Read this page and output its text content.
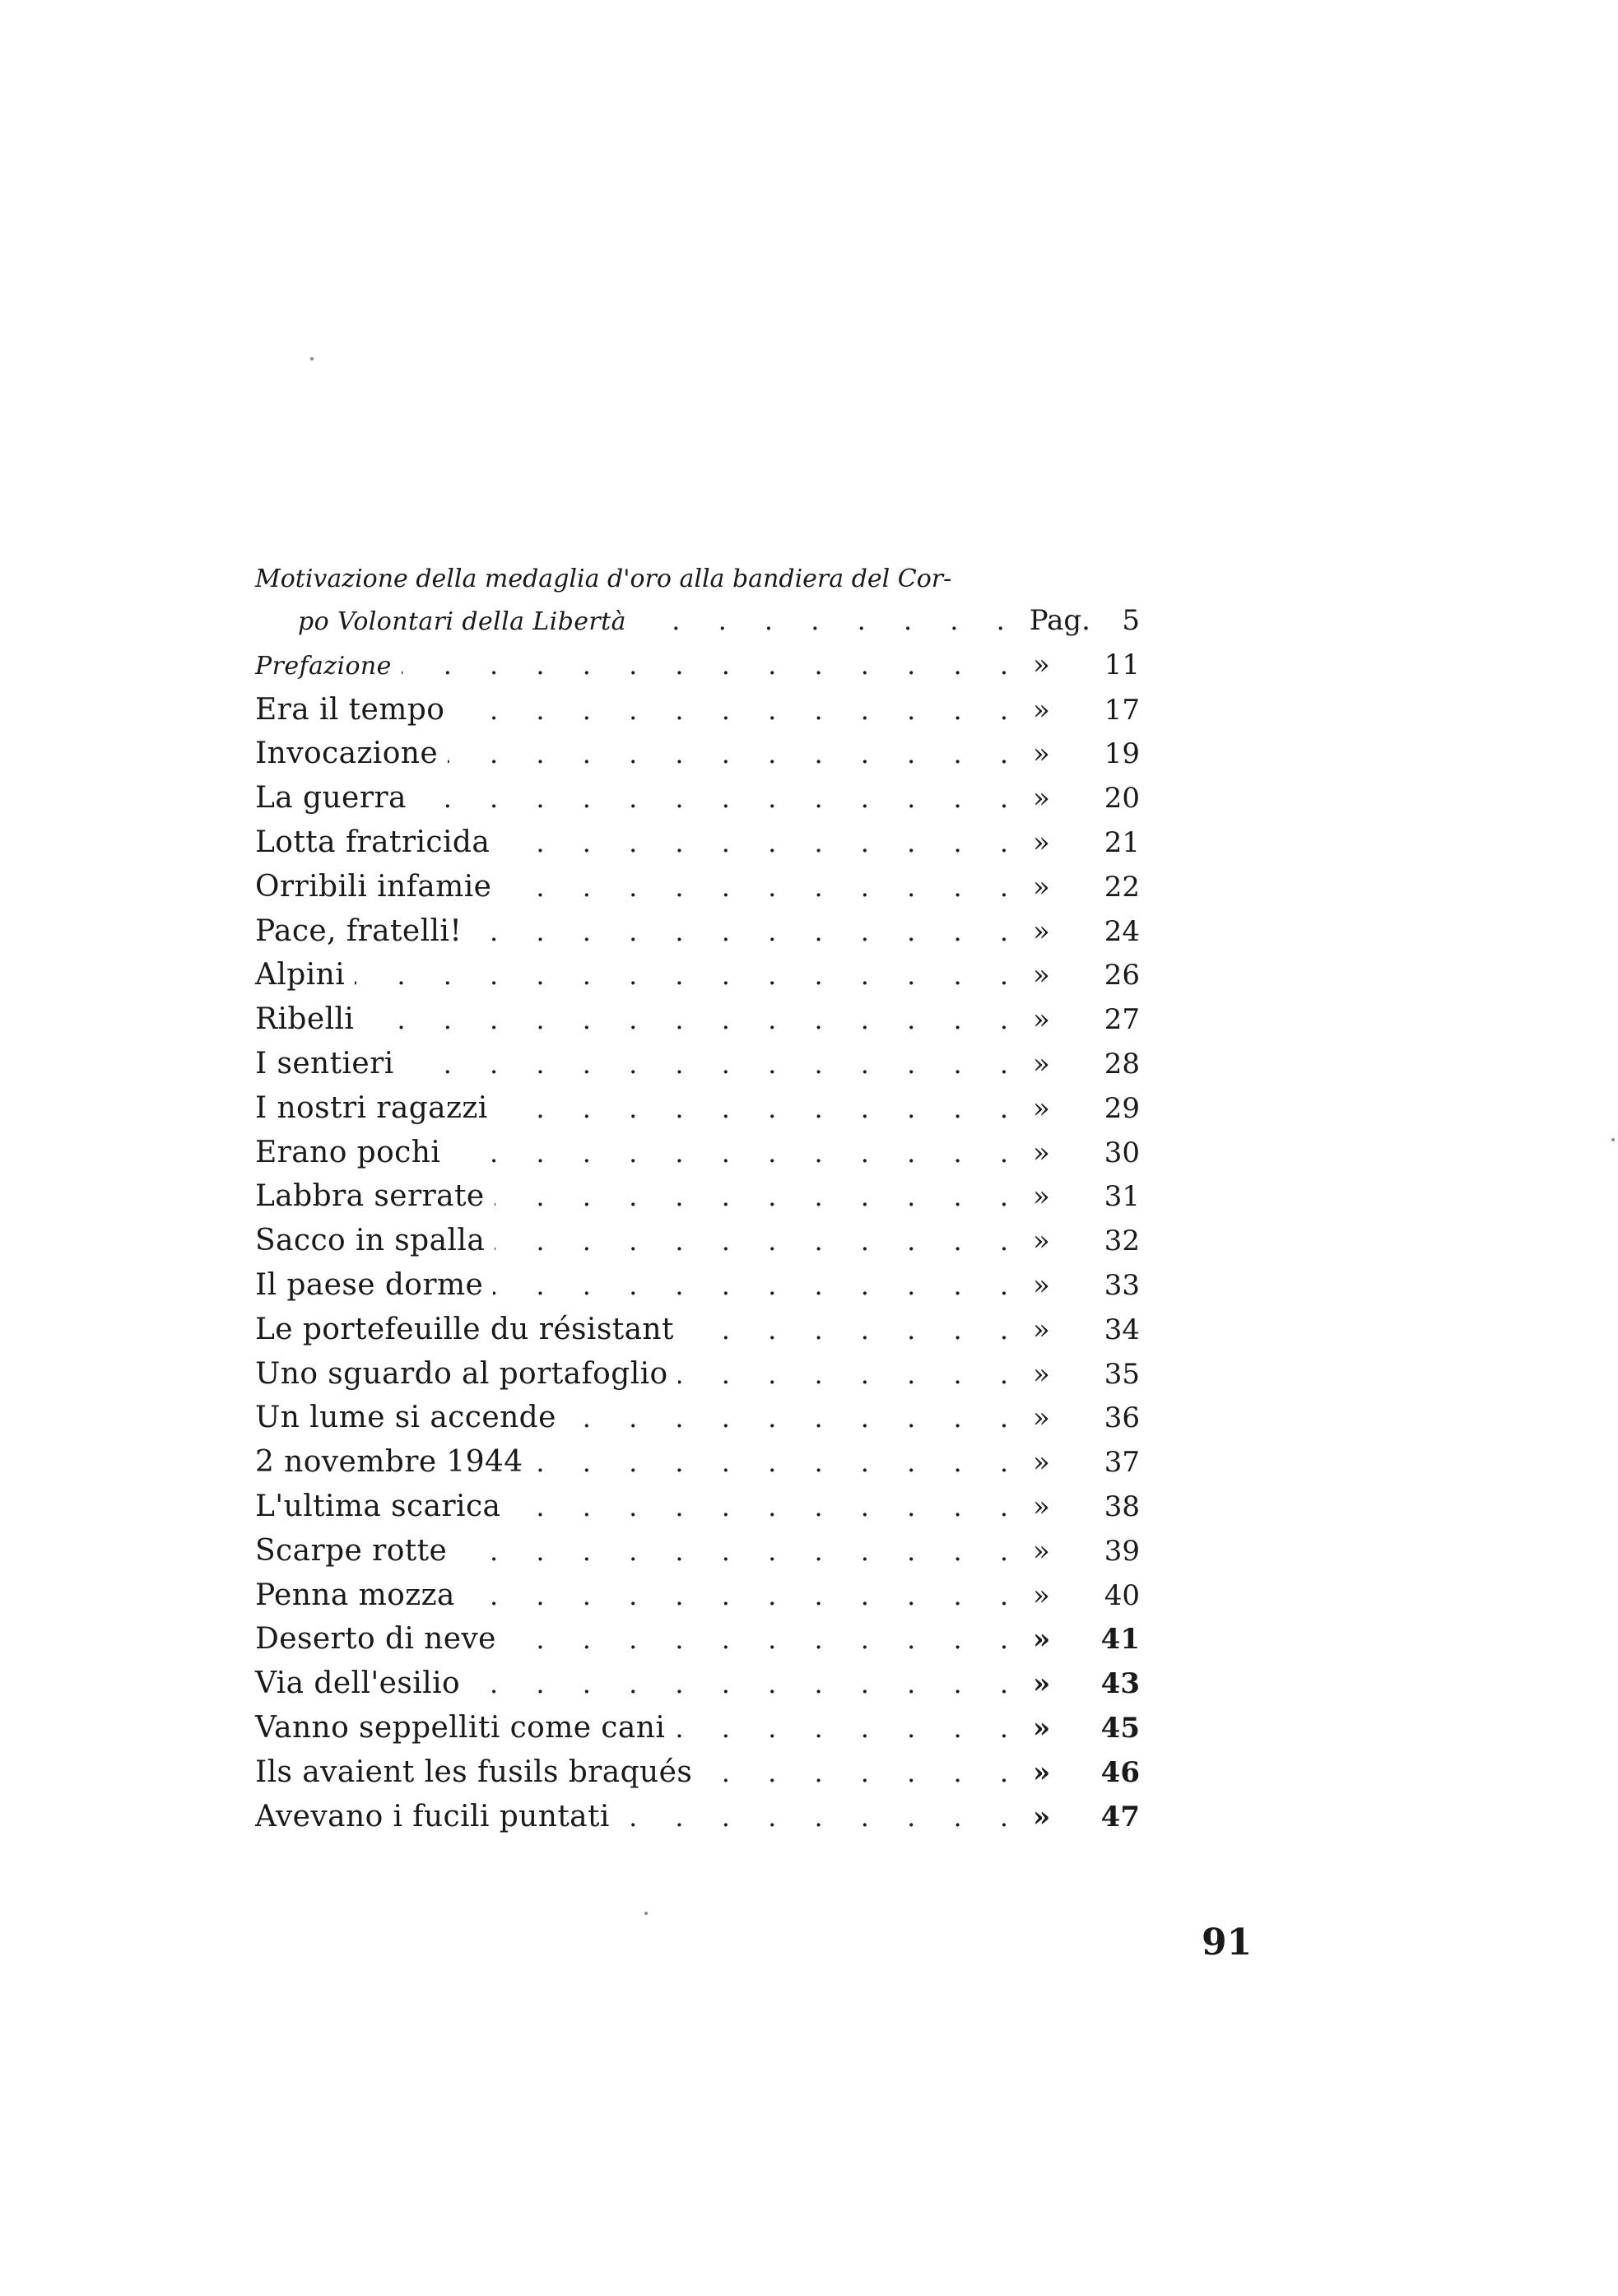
Motivazione della medaglia d'oro alla bandiera del Cor-
po Volontari della Libertà . . .	Pag.	5
Prefazione . . .	»	11
Era il tempo . . .	»	17
Invocazione . . .	»	19
La guerra . . .	»	20
Lotta fratricida . . .	»	21
Orribili infamie . . .	»	22
Pace, fratelli! . . .	»	24
Alpini . . .	»	26
Ribelli . . .	»	27
I sentieri . . .	»	28
I nostri ragazzi . . .	»	29
Erano pochi . . .	»	30
Labbra serrate . . .	»	31
Sacco in spalla . . .	»	32
Il paese dorme . . .	»	33
Le portefeuille du résistant . . .	»	34
Uno sguardo al portafoglio . . .	»	35
Un lume si accende . . .	»	36
2 novembre 1944 . . .	»	37
L'ultima scarica . . .	»	38
Scarpe rotte . . .	»	39
Penna mozza . . .	»	40
Deserto di neve . . .	»	41
Via dell'esilio . . .	»	43
Vanno seppelliti come cani . . .	»	45
Ils avaient les fusils braqués . . .	»	46
Avevano i fucili puntati . . .	»	47
91
